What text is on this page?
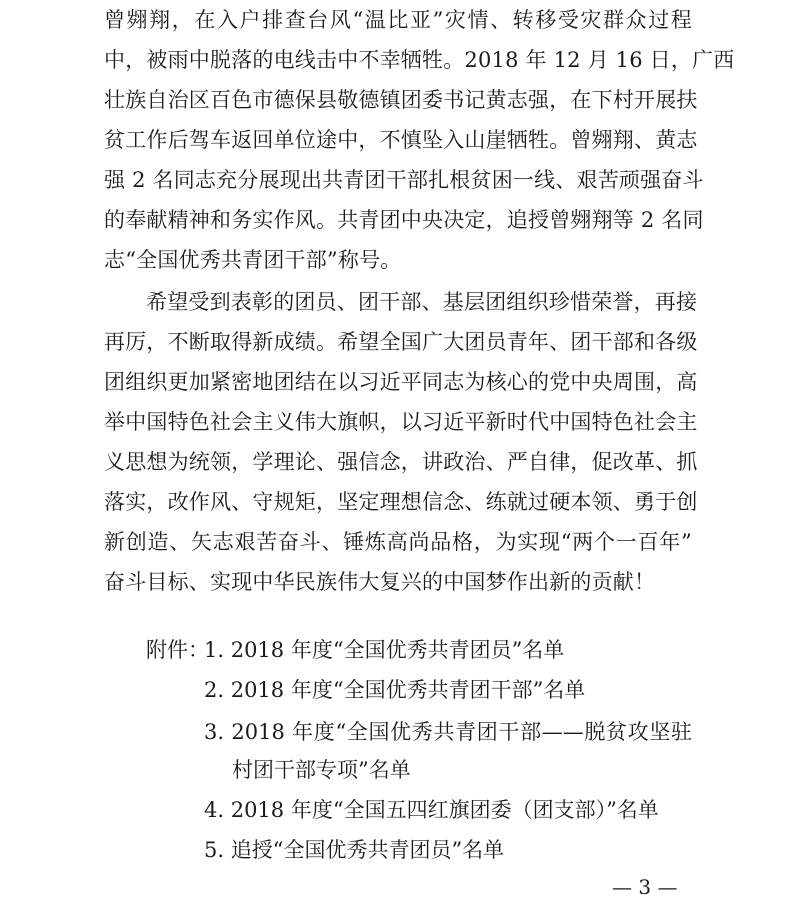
曾翙翔，在入户排查台风“温比亚”灾情、转移受灾群众过程
中，被雨中脱落的电线击中不幸牺牲。2018 年 12 月 16 日，广西
壮族自治区百色市德保县敬德镇团委书记黄志强，在下村开展扶
贫工作后驾车返回单位途中，不慎坠入山崖牺牲。曾翙翔、黄志
强 2 名同志充分展现出共青团干部扎根贫困一线、艰苦顽强奋斗
的奉献精神和务实作风。共青团中央决定，追授曾翙翔等 2 名同
志“全国优秀共青团干部”称号。
希望受到表彰的团员、团干部、基层团组织珍惜荣誉，再接
再厉，不断取得新成绩。希望全国广大团员青年、团干部和各级
团组织更加紧密地团结在以习近平同志为核心的党中央周围，高
举中国特色社会主义伟大旗帜，以习近平新时代中国特色社会主
义思想为统领，学理论、强信念，讲政治、严自律，促改革、抓
落实，改作风、守规矩，坚定理想信念、练就过硬本领、勇于创
新创造、矢志艰苦奋斗、锤炼高尚品格，为实现“两个一百年”
奋斗目标、实现中华民族伟大复兴的中国梦作出新的贡献！
附件：
1. 2018 年度“全国优秀共青团员”名单
2. 2018 年度“全国优秀共青团干部”名单
3. 2018 年度“全国优秀共青团干部——脱贫攻坚驻
村团干部专项”名单
4. 2018 年度“全国五四红旗团委（团支部）”名单
5. 追授“全国优秀共青团员”名单
— 3 —
